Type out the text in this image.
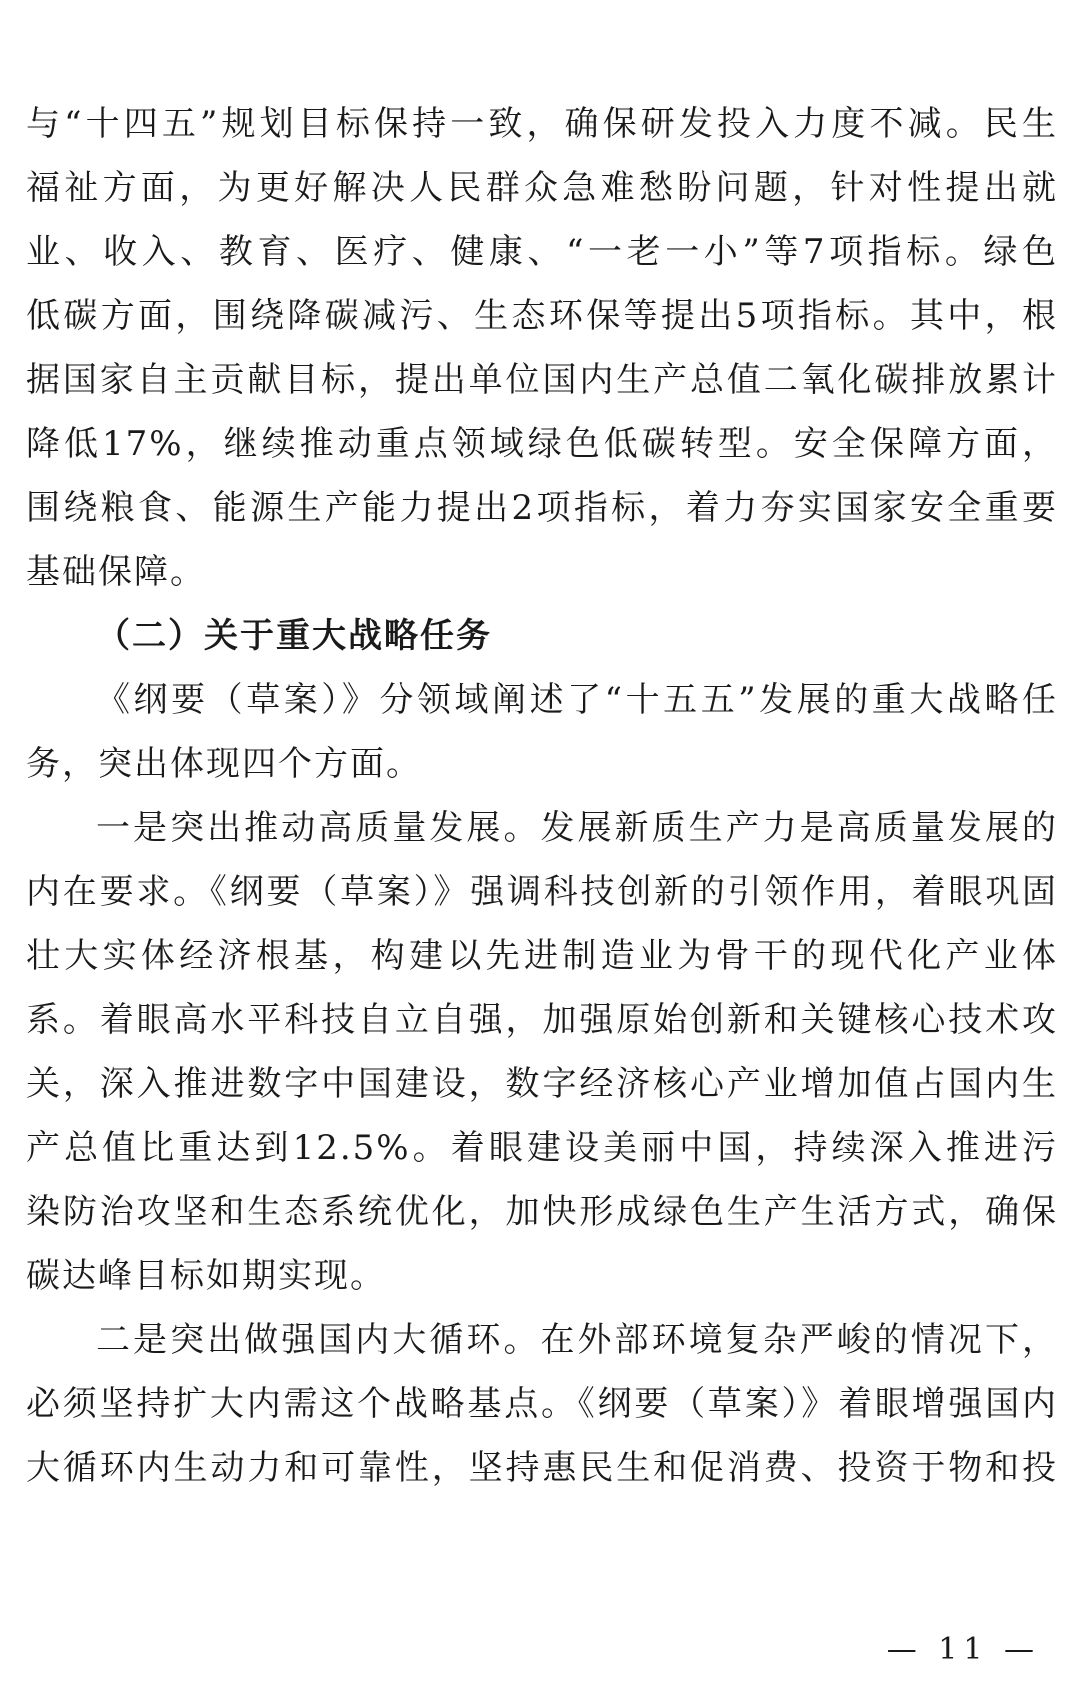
与“十四五”规划目标保持一致，确保研发投入力度不减。民生
福祉方面，为更好解决人民群众急难愁盼问题，针对性提出就
业、收入、教育、医疗、健康、“一老一小”等7项指标。绿色
低碳方面，围绕降碳减污、生态环保等提出5项指标。其中，根
据国家自主贡献目标，提出单位国内生产总值二氧化碳排放累计
降低17%，继续推动重点领域绿色低碳转型。安全保障方面，
围绕粮食、能源生产能力提出2项指标，着力夯实国家安全重要
基础保障。
（二）关于重大战略任务
《纲要（草案）》分领域阐述了“十五五”发展的重大战略任
务，突出体现四个方面。
一是突出推动高质量发展。发展新质生产力是高质量发展的
内在要求。《纲要（草案）》强调科技创新的引领作用，着眼巩固
壮大实体经济根基，构建以先进制造业为骨干的现代化产业体
系。着眼高水平科技自立自强，加强原始创新和关键核心技术攻
关，深入推进数字中国建设，数字经济核心产业增加值占国内生
产总值比重达到12.5%。着眼建设美丽中国，持续深入推进污
染防治攻坚和生态系统优化，加快形成绿色生产生活方式，确保
碳达峰目标如期实现。
二是突出做强国内大循环。在外部环境复杂严峻的情况下，
必须坚持扩大内需这个战略基点。《纲要（草案）》着眼增强国内
大循环内生动力和可靠性，坚持惠民生和促消费、投资于物和投
— 11 —
